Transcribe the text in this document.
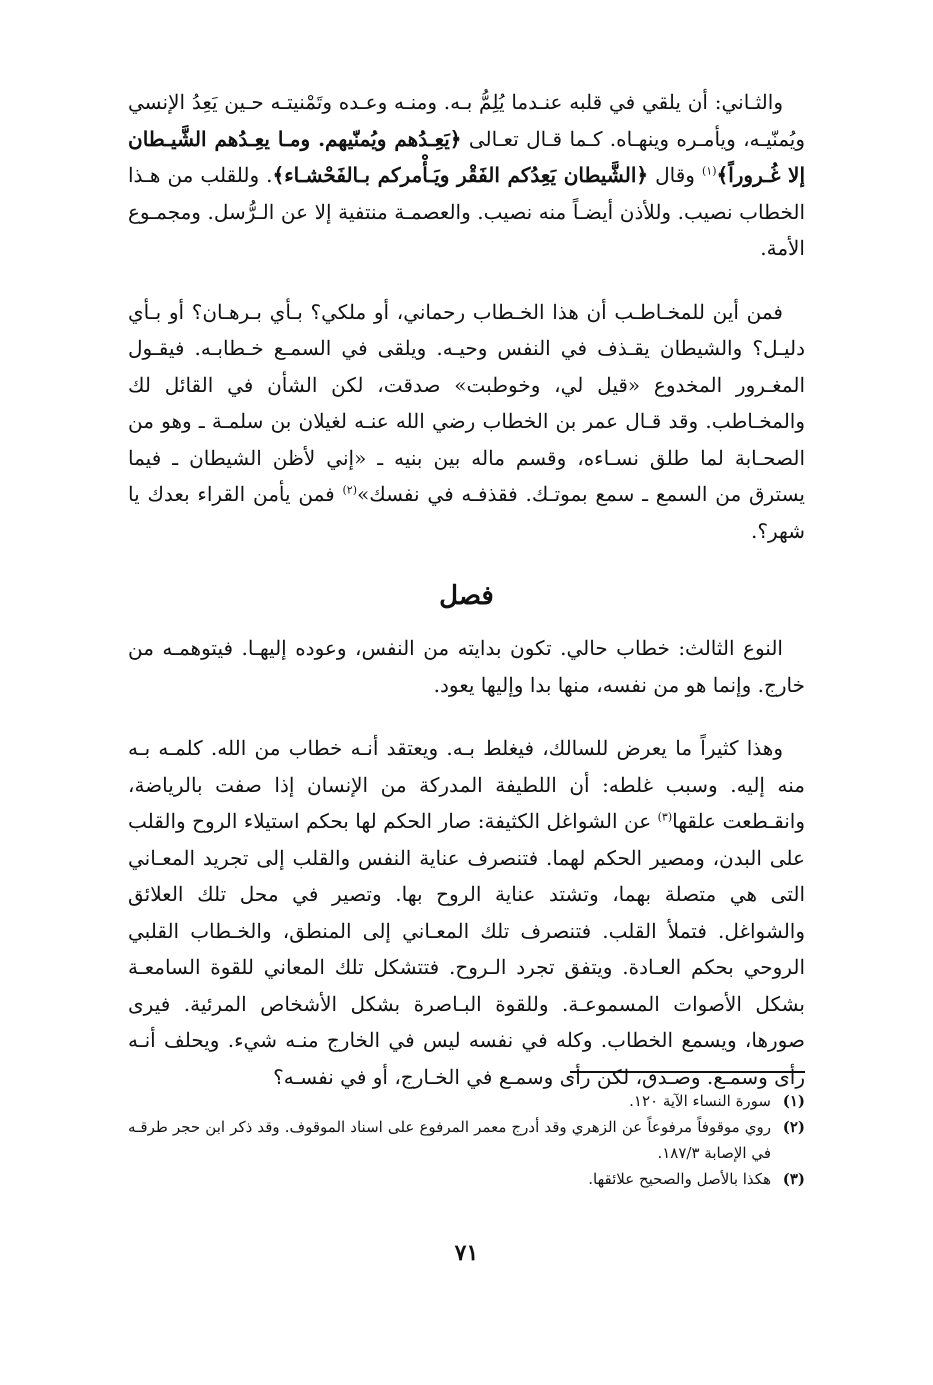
والثـاني: أن يلقي في قلبه عنـدما يُلِمُّ بـه. ومنـه وعـده وتَمْنيتـه حـين يَعِدُ الإنسي ويُمنّيـه، ويأمـره وينهـاه. كـما قـال تعـالى ﴿يَعِـدُهم ويُمنّيهم. ومـا يعِـدُهم الشَّيـطان إلا غُـروراً﴾$^{(١)}$ وقال ﴿الشَّيطان يَعِدُكم الفَقْر ويَـأْمركم بـالفَحْشـاء﴾. وللقلب من هـذا الخطاب نصيب. وللأذن أيضـاً منه نصيب. والعصمـة منتفية إلا عن الـرُّسل. ومجمـوع الأمة.

فمن أين للمخـاطـب أن هذا الخـطاب رحماني، أو ملكي؟ بـأي بـرهـان؟ أو بـأي دليـل؟ والشيطان يقـذف في النفس وحيـه. ويلقى في السمـع خـطابـه. فيقـول المغـرور المخدوع «قيل لي، وخوطبت» صدقت، لكن الشأن في القائل لك والمخـاطب. وقد قـال عمر بن الخطاب رضي الله عنـه لغيلان بن سلمـة ـ وهو من الصحـابة لما طلق نسـاءه، وقسم ماله بين بنيه ـ «إني لأظن الشيطان ـ فيما يسترق من السمع ـ سمع بموتـك. فقذفـه في نفسك»$^{(٢)}$ فمن يأمن القراء بعدك يا شهر؟.

فصل

النوع الثالث: خطاب حالي. تكون بدايته من النفس، وعوده إليهـا. فيتوهمـه من خارج. وإنما هو من نفسه، منها بدا وإليها يعود.

وهذا كثيراً ما يعرض للسالك، فيغلط بـه. ويعتقد أنـه خطاب من الله. كلمـه بـه منه إليه. وسبب غلطه: أن اللطيفة المدركة من الإنسان إذا صفت بالرياضة، وانقـطعت علقها$^{(٣)}$ عن الشواغل الكثيفة: صار الحكم لها بحكم استيلاء الروح والقلب على البدن، ومصير الحكم لهما. فتنصرف عناية النفس والقلب إلى تجريد المعـاني التى هي متصلة بهما، وتشتد عناية الروح بها. وتصير في محل تلك العلائق والشواغل. فتملأ القلب. فتنصرف تلك المعـاني إلى المنطق، والخـطاب القلبي الروحي بحكم العـادة. ويتفق تجرد الـروح. فتتشكل تلك المعاني للقوة السامعـة بشكل الأصوات المسموعـة. وللقوة البـاصرة بشكل الأشخاص المرئية. فيرى صورها، ويسمع الخطاب. وكله في نفسه ليس في الخارج منـه شيء. ويحلف أنـه رأى وسمـع. وصـدق، لكن رأى وسمـع في الخـارج، أو في نفسـه؟

(١)
سورة النساء الآية ١٢٠.
(٢)
روي موقوفاً مرفوعاً عن الزهري وقد أدرج معمر المرفوع على اسناد الموقوف. وقد ذكر ابن حجر طرقـه في الإصابة ١٨٧/٣.
(٣)
هكذا بالأصل والصحيح علائقها.
٧١
